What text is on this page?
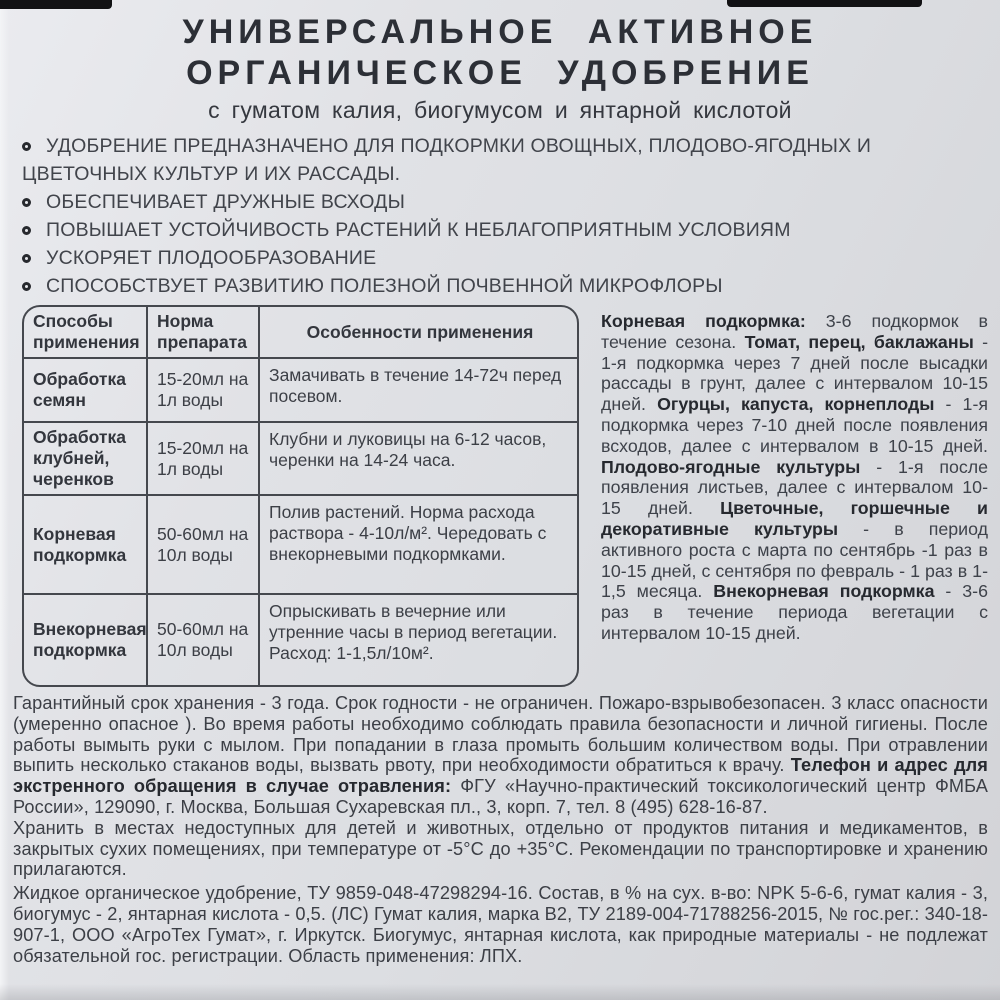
УНИВЕРСАЛЬНОЕ АКТИВНОЕ
ОРГАНИЧЕСКОЕ УДОБРЕНИЕ
с гуматом калия, биогумусом и янтарной кислотой
УДОБРЕНИЕ ПРЕДНАЗНАЧЕНО ДЛЯ ПОДКОРМКИ ОВОЩНЫХ, ПЛОДОВО-ЯГОДНЫХ И ЦВЕТОЧНЫХ КУЛЬТУР И ИХ РАССАДЫ.
ОБЕСПЕЧИВАЕТ ДРУЖНЫЕ ВСХОДЫ
ПОВЫШАЕТ УСТОЙЧИВОСТЬ РАСТЕНИЙ К НЕБЛАГОПРИЯТНЫМ УСЛОВИЯМ
УСКОРЯЕТ ПЛОДООБРАЗОВАНИЕ
СПОСОБСТВУЕТ РАЗВИТИЮ ПОЛЕЗНОЙ ПОЧВЕННОЙ МИКРОФЛОРЫ
Способы применения
Норма препарата
Особенности применения
Обработка семян
15-20мл на 1л воды
Замачивать в течение 14-72ч перед посевом.
Обработка клубней, черенков
15-20мл на 1л воды
Клубни и луковицы на 6-12 часов, черенки на 14-24 часа.
Корневая подкормка
50-60мл на 10л воды
Полив растений. Норма расхода раствора - 4-10л/м². Чередовать с внекорневыми подкормками.
Внекорневая подкормка
50-60мл на 10л воды
Опрыскивать в вечерние или утренние часы в период вегетации. Расход: 1-1,5л/10м².
Корневая подкормка: 3-6 подкормок в течение сезона. Томат, перец, баклажаны - 1-я подкормка через 7 дней после высадки рассады в грунт, далее с интервалом 10-15 дней. Огурцы, капуста, корнеплоды - 1-я подкормка через 7-10 дней после появления всходов, далее с интервалом в 10-15 дней. Плодово-ягодные культуры - 1-я после появления листьев, далее с интервалом 10-15 дней. Цветочные, горшечные и декоративные культуры - в период активного роста с марта по сентябрь -1 раз в 10-15 дней, с сентября по февраль - 1 раз в 1-1,5 месяца. Внекорневая подкормка - 3-6 раз в течение периода вегетации с интервалом 10-15 дней.

Гарантийный срок хранения - 3 года. Срок годности - не ограничен. Пожаро-взрывобезопасен. 3 класс опасности (умеренно опасное ). Во время работы необходимо соблюдать правила безопасности и личной гигиены. После работы вымыть руки с мылом. При попадании в глаза промыть большим количеством воды. При отравлении выпить несколько стаканов воды, вызвать рвоту, при необходимости обратиться к врачу. Телефон и адрес для экстренного обращения в случае отравления: ФГУ «Научно-практический токсикологический центр ФМБА России», 129090, г. Москва, Большая Сухаревская пл., 3, корп. 7, тел. 8 (495) 628-16-87.

Хранить в местах недоступных для детей и животных, отдельно от продуктов питания и медикаментов, в закрытых сухих помещениях, при температуре от -5°С до +35°С. Рекомендации по транспортировке и хранению прилагаются.

Жидкое органическое удобрение, ТУ 9859-048-47298294-16. Состав, в % на сух. в-во: NPK 5-6-6, гумат калия - 3, биогумус - 2, янтарная кислота - 0,5. (ЛС) Гумат калия, марка В2, ТУ 2189-004-71788256-2015, № гос.рег.: 340-18-907-1, ООО «АгроТех Гумат», г. Иркутск. Биогумус, янтарная кислота, как природные материалы - не подлежат обязательной гос. регистрации. Область применения: ЛПХ.
